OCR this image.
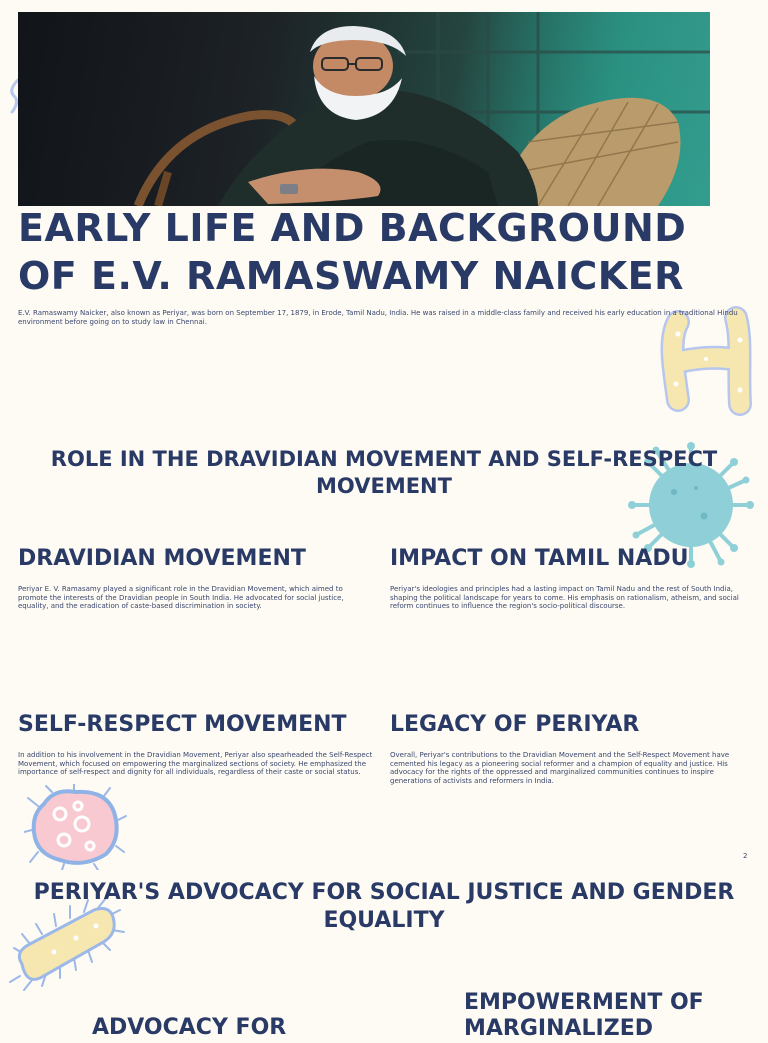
EARLY LIFE AND BACKGROUND OF E.V. RAMASWAMY NAICKER

E.V. Ramaswamy Naicker, also known as Periyar, was born on September 17, 1879, in Erode, Tamil Nadu, India. He was raised in a middle-class family and received his early education in a traditional Hindu environment before going on to study law in Chennai.

ROLE IN THE DRAVIDIAN MOVEMENT AND SELF-RESPECT MOVEMENT
DRAVIDIAN MOVEMENT

Periyar E. V. Ramasamy played a significant role in the Dravidian Movement, which aimed to promote the interests of the Dravidian people in South India. He advocated for social justice, equality, and the eradication of caste-based discrimination in society.

IMPACT ON TAMIL NADU

Periyar's ideologies and principles had a lasting impact on Tamil Nadu and the rest of South India, shaping the political landscape for years to come. His emphasis on rationalism, atheism, and social reform continues to influence the region's socio-political discourse.

SELF-RESPECT MOVEMENT

In addition to his involvement in the Dravidian Movement, Periyar also spearheaded the Self-Respect Movement, which focused on empowering the marginalized sections of society. He emphasized the importance of self-respect and dignity for all individuals, regardless of their caste or social status.

LEGACY OF PERIYAR

Overall, Periyar's contributions to the Dravidian Movement and the Self-Respect Movement have cemented his legacy as a pioneering social reformer and a champion of equality and justice. His advocacy for the rights of the oppressed and marginalized communities continues to inspire generations of activists and reformers in India.

2

PERIYAR'S ADVOCACY FOR SOCIAL JUSTICE AND GENDER EQUALITY
ADVOCACY FOR
EMPOWERMENT OF
MARGINALIZED
